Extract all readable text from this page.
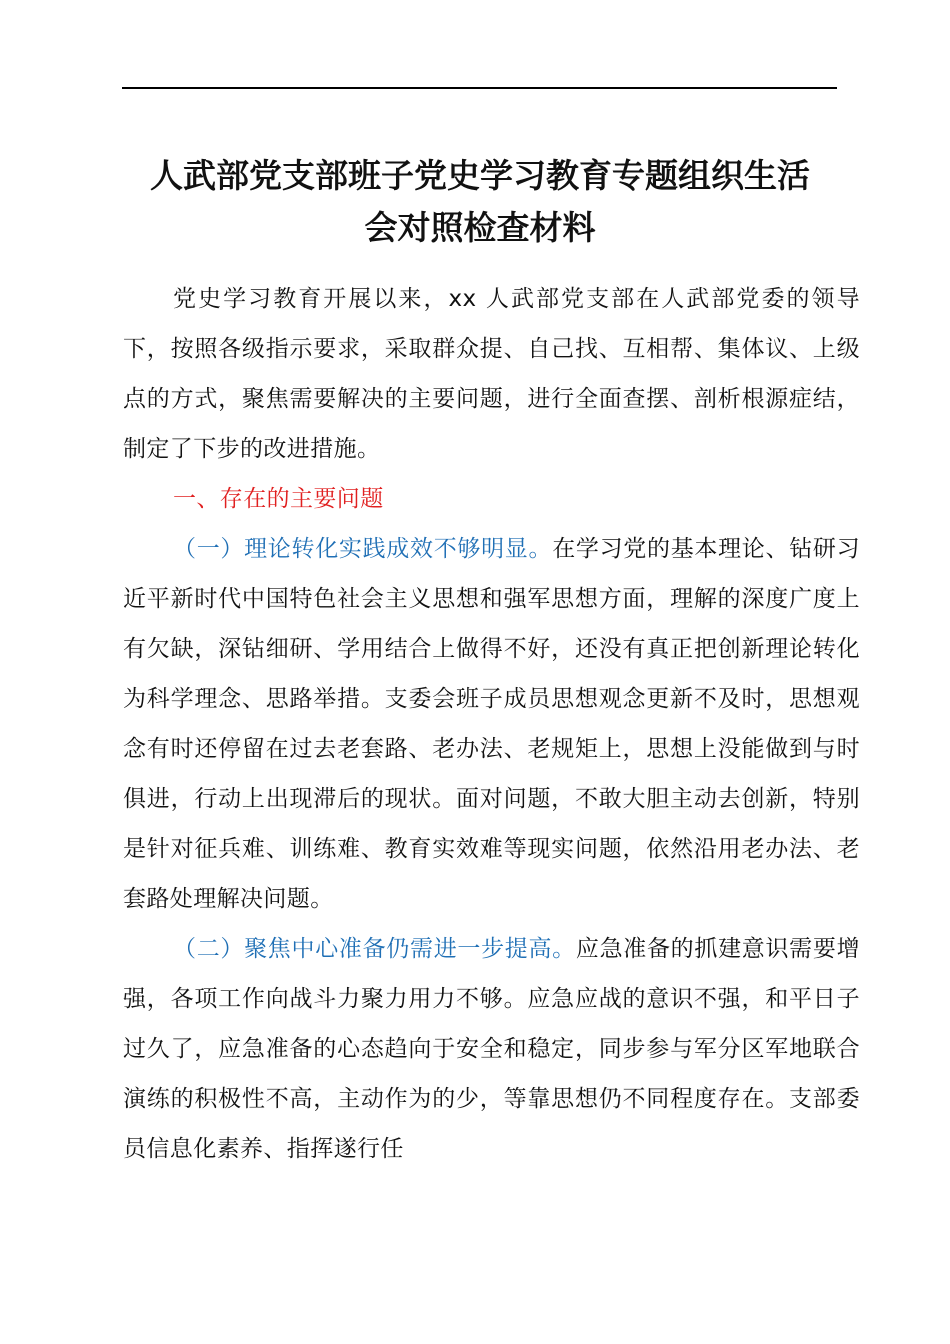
人武部党支部班子党史学习教育专题组织生活
会对照检查材料

党史学习教育开展以来，xx 人武部党支部在人武部党委的领导下，按照各级指示要求，采取群众提、自己找、互相帮、集体议、上级点的方式，聚焦需要解决的主要问题，进行全面查摆、剖析根源症结，制定了下步的改进措施。

一、存在的主要问题

（一）理论转化实践成效不够明显。在学习党的基本理论、钻研习近平新时代中国特色社会主义思想和强军思想方面，理解的深度广度上有欠缺，深钻细研、学用结合上做得不好，还没有真正把创新理论转化为科学理念、思路举措。支委会班子成员思想观念更新不及时，思想观念有时还停留在过去老套路、老办法、老规矩上，思想上没能做到与时俱进，行动上出现滞后的现状。面对问题，不敢大胆主动去创新，特别是针对征兵难、训练难、教育实效难等现实问题，依然沿用老办法、老套路处理解决问题。

（二）聚焦中心准备仍需进一步提高。应急准备的抓建意识需要增强，各项工作向战斗力聚力用力不够。应急应战的意识不强，和平日子过久了，应急准备的心态趋向于安全和稳定，同步参与军分区军地联合演练的积极性不高，主动作为的少，等靠思想仍不同程度存在。支部委员信息化素养、指挥遂行任
